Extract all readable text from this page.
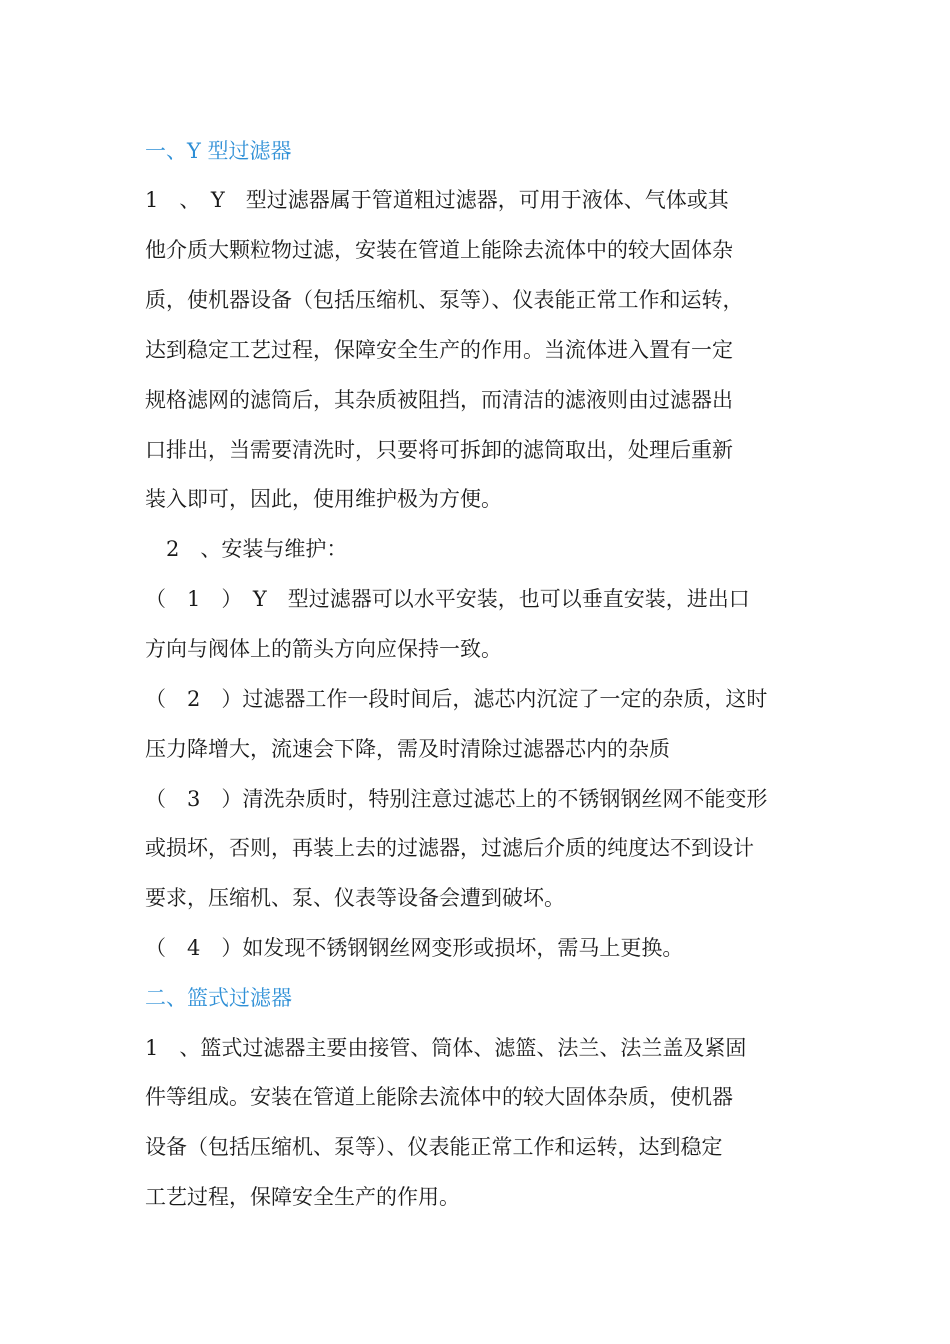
一、Y 型过滤器
1　、　Y　型过滤器属于管道粗过滤器，可用于液体、气体或其
他介质大颗粒物过滤，安装在管道上能除去流体中的较大固体杂
质，使机器设备（包括压缩机、泵等）、仪表能正常工作和运转，
达到稳定工艺过程，保障安全生产的作用。当流体进入置有一定
规格滤网的滤筒后，其杂质被阻挡，而清洁的滤液则由过滤器出
口排出，当需要清洗时，只要将可拆卸的滤筒取出，处理后重新
装入即可，因此，使用维护极为方便。
　2　、安装与维护：
（　1　）　Y　型过滤器可以水平安装，也可以垂直安装，进出口
方向与阀体上的箭头方向应保持一致。
（　2　）过滤器工作一段时间后，滤芯内沉淀了一定的杂质，这时
压力降增大，流速会下降，需及时清除过滤器芯内的杂质
（　3　）清洗杂质时，特别注意过滤芯上的不锈钢钢丝网不能变形
或损坏，否则，再装上去的过滤器，过滤后介质的纯度达不到设计
要求，压缩机、泵、仪表等设备会遭到破坏。
（　4　）如发现不锈钢钢丝网变形或损坏，需马上更换。
二、篮式过滤器
1　、篮式过滤器主要由接管、筒体、滤篮、法兰、法兰盖及紧固
件等组成。安装在管道上能除去流体中的较大固体杂质，使机器
设备（包括压缩机、泵等）、仪表能正常工作和运转，达到稳定
工艺过程，保障安全生产的作用。
